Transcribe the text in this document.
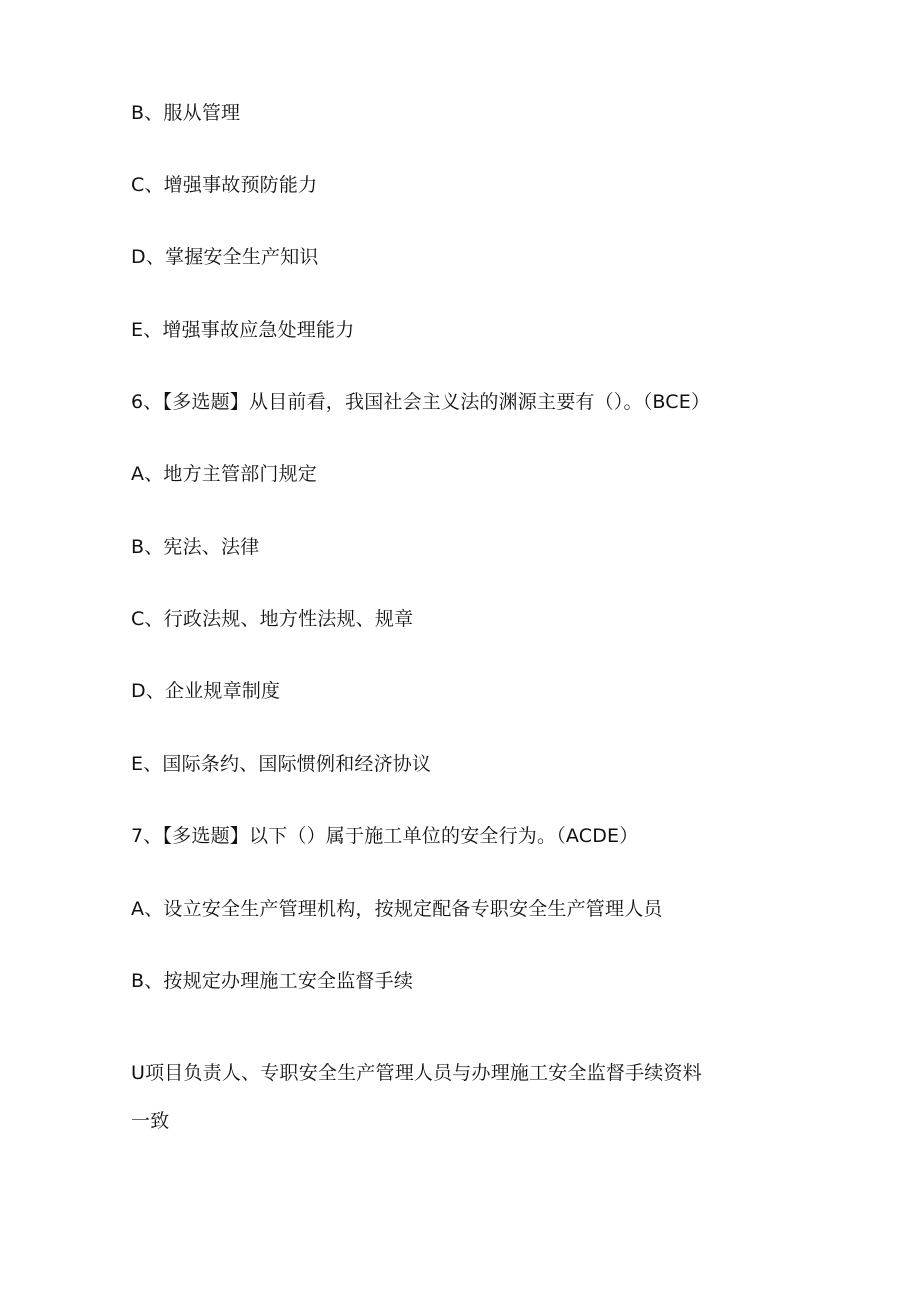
B、服从管理
C、增强事故预防能力
D、掌握安全生产知识
E、增强事故应急处理能力
6、【多选题】从目前看，我国社会主义法的渊源主要有（）。（BCE）
A、地方主管部门规定
B、宪法、法律
C、行政法规、地方性法规、规章
D、企业规章制度
E、国际条约、国际惯例和经济协议
7、【多选题】以下（）属于施工单位的安全行为。（ACDE）
A、设立安全生产管理机构，按规定配备专职安全生产管理人员
B、按规定办理施工安全监督手续
U项目负责人、专职安全生产管理人员与办理施工安全监督手续资料
一致
